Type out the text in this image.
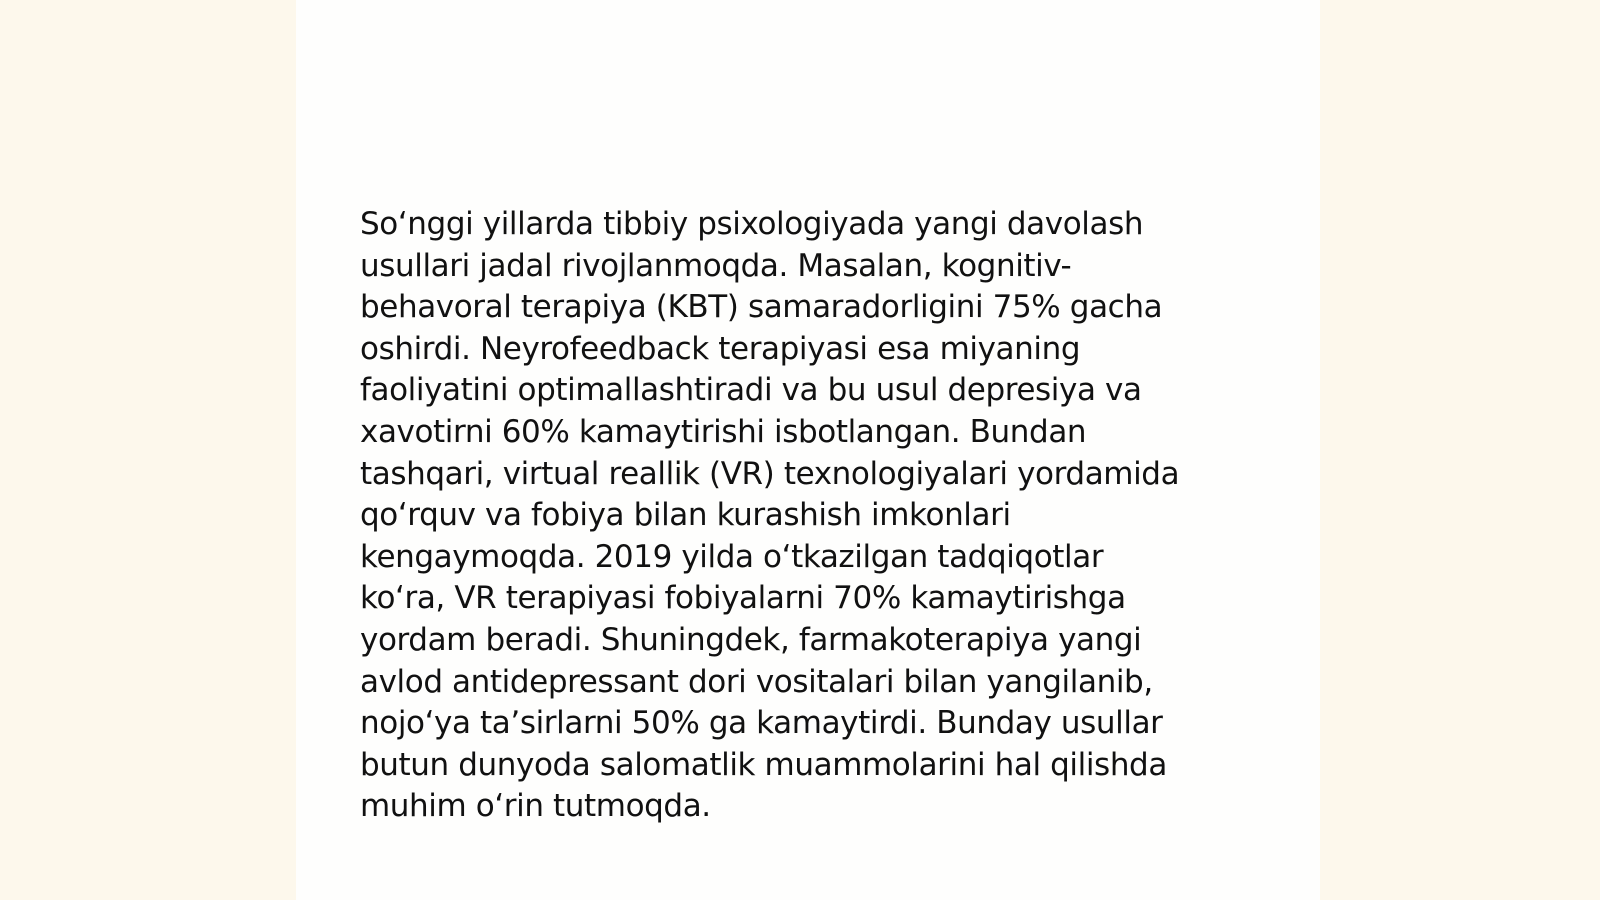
So‘nggi yillarda tibbiy psixologiyada yangi davolash
usullari jadal rivojlanmoqda. Masalan, kognitiv-
behavoral terapiya (KBT) samaradorligini 75% gacha
oshirdi. Neyrofeedback terapiyasi esa miyaning
faoliyatini optimallashtiradi va bu usul depresiya va
xavotirni 60% kamaytirishi isbotlangan. Bundan
tashqari, virtual reallik (VR) texnologiyalari yordamida
qo‘rquv va fobiya bilan kurashish imkonlari
kengaymoqda. 2019 yilda o‘tkazilgan tadqiqotlar
ko‘ra, VR terapiyasi fobiyalarni 70% kamaytirishga
yordam beradi. Shuningdek, farmakoterapiya yangi
avlod antidepressant dori vositalari bilan yangilanib,
nojo‘ya ta’sirlarni 50% ga kamaytirdi. Bunday usullar
butun dunyoda salomatlik muammolarini hal qilishda
muhim o‘rin tutmoqda.
